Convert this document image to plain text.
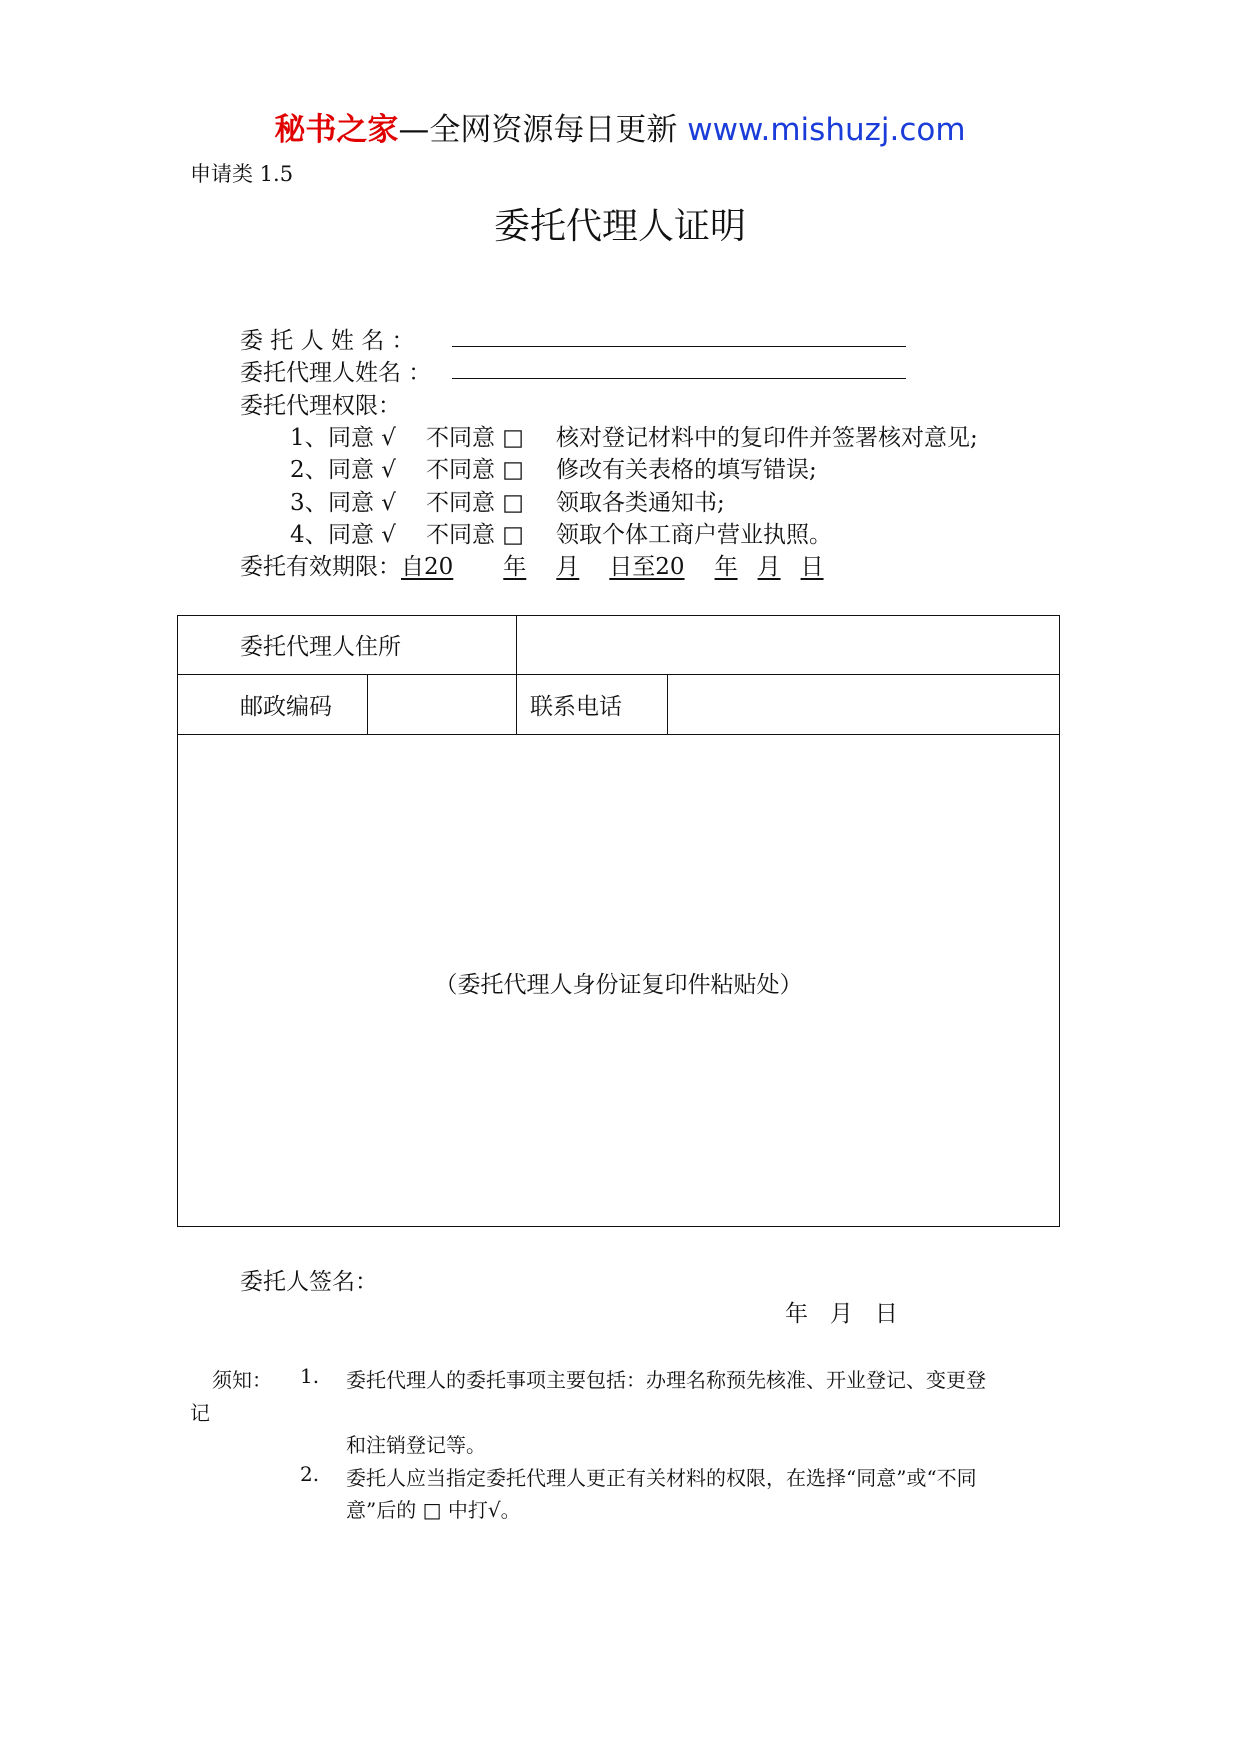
秘书之家—全网资源每日更新 www.mishuzj.com
申请类 1.5
委托代理人证明
委 托 人 姓 名 ：
委托代理人姓名 ：
委托代理权限：
1、同意 √ 不同意 □ 核对登记材料中的复印件并签署核对意见;
2、同意 √ 不同意 □ 修改有关表格的填写错误;
3、同意 √ 不同意 □ 领取各类通知书;
4、同意 √ 不同意 □ 领取个体工商户营业执照。
委托有效期限：自20 年 月 日至20 年 月 日
委托代理人住所
邮政编码	联系电话
（委托代理人身份证复印件粘贴处）
委托人签名：
年   月   日
须知： 1. 委托代理人的委托事项主要包括：办理名称预先核准、开业登记、变更登
记
和注销登记等。
2. 委托人应当指定委托代理人更正有关材料的权限，在选择“同意”或“不同
意”后的 □ 中打√。
